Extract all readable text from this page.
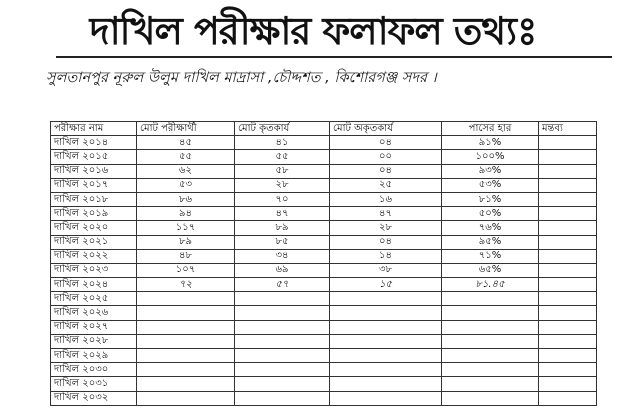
দাখিল পরীক্ষার ফলাফল তথ্যঃ
সুলতানপুর নূরুল উলুম দাখিল মাদ্রাসা ,চৌদ্দশত , কিশোরগঞ্জ সদর ।
পরীক্ষার নাম	মোট পরীক্ষার্থী	মোট কৃতকার্য	মোট অকৃতকার্য	পাসের হার	মন্তব্য
দাখিল ২০১৪	৪৫	৪১	০৪	৯১%	
দাখিল ২০১৫	৫৫	৫৫	০০	১০০%	
দাখিল ২০১৬	৬২	৫৮	০৪	৯৩%	
দাখিল ২০১৭	৫৩	২৮	২৫	৫৩%	
দাখিল ২০১৮	৮৬	৭০	১৬	৮১%	
দাখিল ২০১৯	৯৪	৪৭	৪৭	৫০%	
দাখিল ২০২০	১১৭	৮৯	২৮	৭৬%	
দাখিল ২০২১	৮৯	৮৫	০৪	৯৫%	
দাখিল ২০২২	৪৮	৩৪	১৪	৭১%	
দাখিল ২০২৩	১০৭	৬৯	৩৮	৬৫%	
দাখিল ২০২৪	৭২	৫৭	১৫	৮১.৪৫	
দাখিল ২০২৫					
দাখিল ২০২৬					
দাখিল ২০২৭					
দাখিল ২০২৮					
দাখিল ২০২৯					
দাখিল ২০৩০					
দাখিল ২০৩১					
দাখিল ২০৩২					
